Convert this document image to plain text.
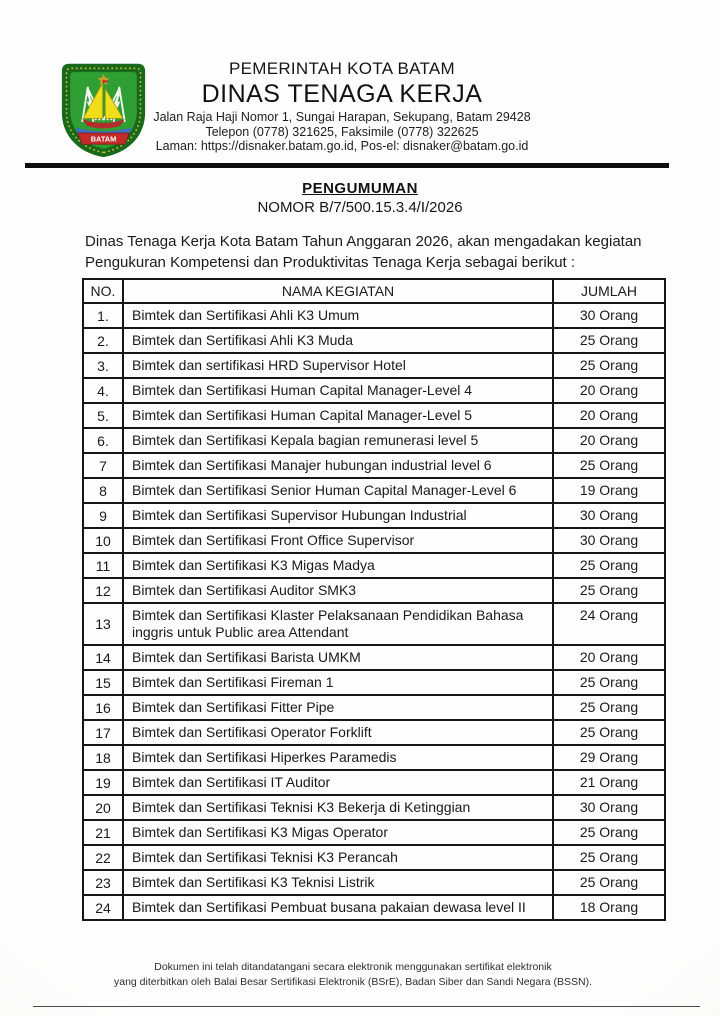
BATAM
PEMERINTAH KOTA BATAM
DINAS TENAGA KERJA
Jalan Raja Haji Nomor 1, Sungai Harapan, Sekupang, Batam 29428
Telepon (0778) 321625, Faksimile (0778) 322625
Laman: https://disnaker.batam.go.id, Pos-el: disnaker@batam.go.id
PENGUMUMAN
NOMOR B/7/500.15.3.4/I/2026
Dinas Tenaga Kerja Kota Batam Tahun Anggaran 2026, akan mengadakan kegiatan
Pengukuran Kompetensi dan Produktivitas Tenaga Kerja sebagai berikut :
NO.	NAMA KEGIATAN	JUMLAH
1.	Bimtek dan Sertifikasi Ahli K3 Umum	30 Orang
2.	Bimtek dan Sertifikasi Ahli K3 Muda	25 Orang
3.	Bimtek dan sertifikasi HRD Supervisor Hotel	25 Orang
4.	Bimtek dan Sertifikasi Human Capital Manager-Level 4	20 Orang
5.	Bimtek dan Sertifikasi Human Capital Manager-Level 5	20 Orang
6.	Bimtek dan Sertifikasi Kepala bagian remunerasi level 5	20 Orang
7	Bimtek dan Sertifikasi Manajer hubungan industrial level 6	25 Orang
8	Bimtek dan Sertifikasi Senior Human Capital Manager-Level 6	19 Orang
9	Bimtek dan Sertifikasi Supervisor Hubungan Industrial	30 Orang
10	Bimtek dan Sertifikasi Front Office Supervisor	30 Orang
11	Bimtek dan Sertifikasi K3 Migas Madya	25 Orang
12	Bimtek dan Sertifikasi Auditor SMK3	25 Orang
13	Bimtek dan Sertifikasi Klaster Pelaksanaan Pendidikan Bahasa inggris untuk Public area Attendant	24 Orang
14	Bimtek dan Sertifikasi Barista UMKM	20 Orang
15	Bimtek dan Sertifikasi Fireman 1	25 Orang
16	Bimtek dan Sertifikasi Fitter Pipe	25 Orang
17	Bimtek dan Sertifikasi Operator Forklift	25 Orang
18	Bimtek dan Sertifikasi Hiperkes Paramedis	29 Orang
19	Bimtek dan Sertifikasi IT Auditor	21 Orang
20	Bimtek dan Sertifikasi Teknisi K3 Bekerja di Ketinggian	30 Orang
21	Bimtek dan Sertifikasi K3 Migas Operator	25 Orang
22	Bimtek dan Sertifikasi Teknisi K3 Perancah	25 Orang
23	Bimtek dan Sertifikasi K3 Teknisi Listrik	25 Orang
24	Bimtek dan Sertifikasi Pembuat busana pakaian dewasa level II	18 Orang
Dokumen ini telah ditandatangani secara elektronik menggunakan sertifikat elektronik
yang diterbitkan oleh Balai Besar Sertifikasi Elektronik (BSrE), Badan Siber dan Sandi Negara (BSSN).
